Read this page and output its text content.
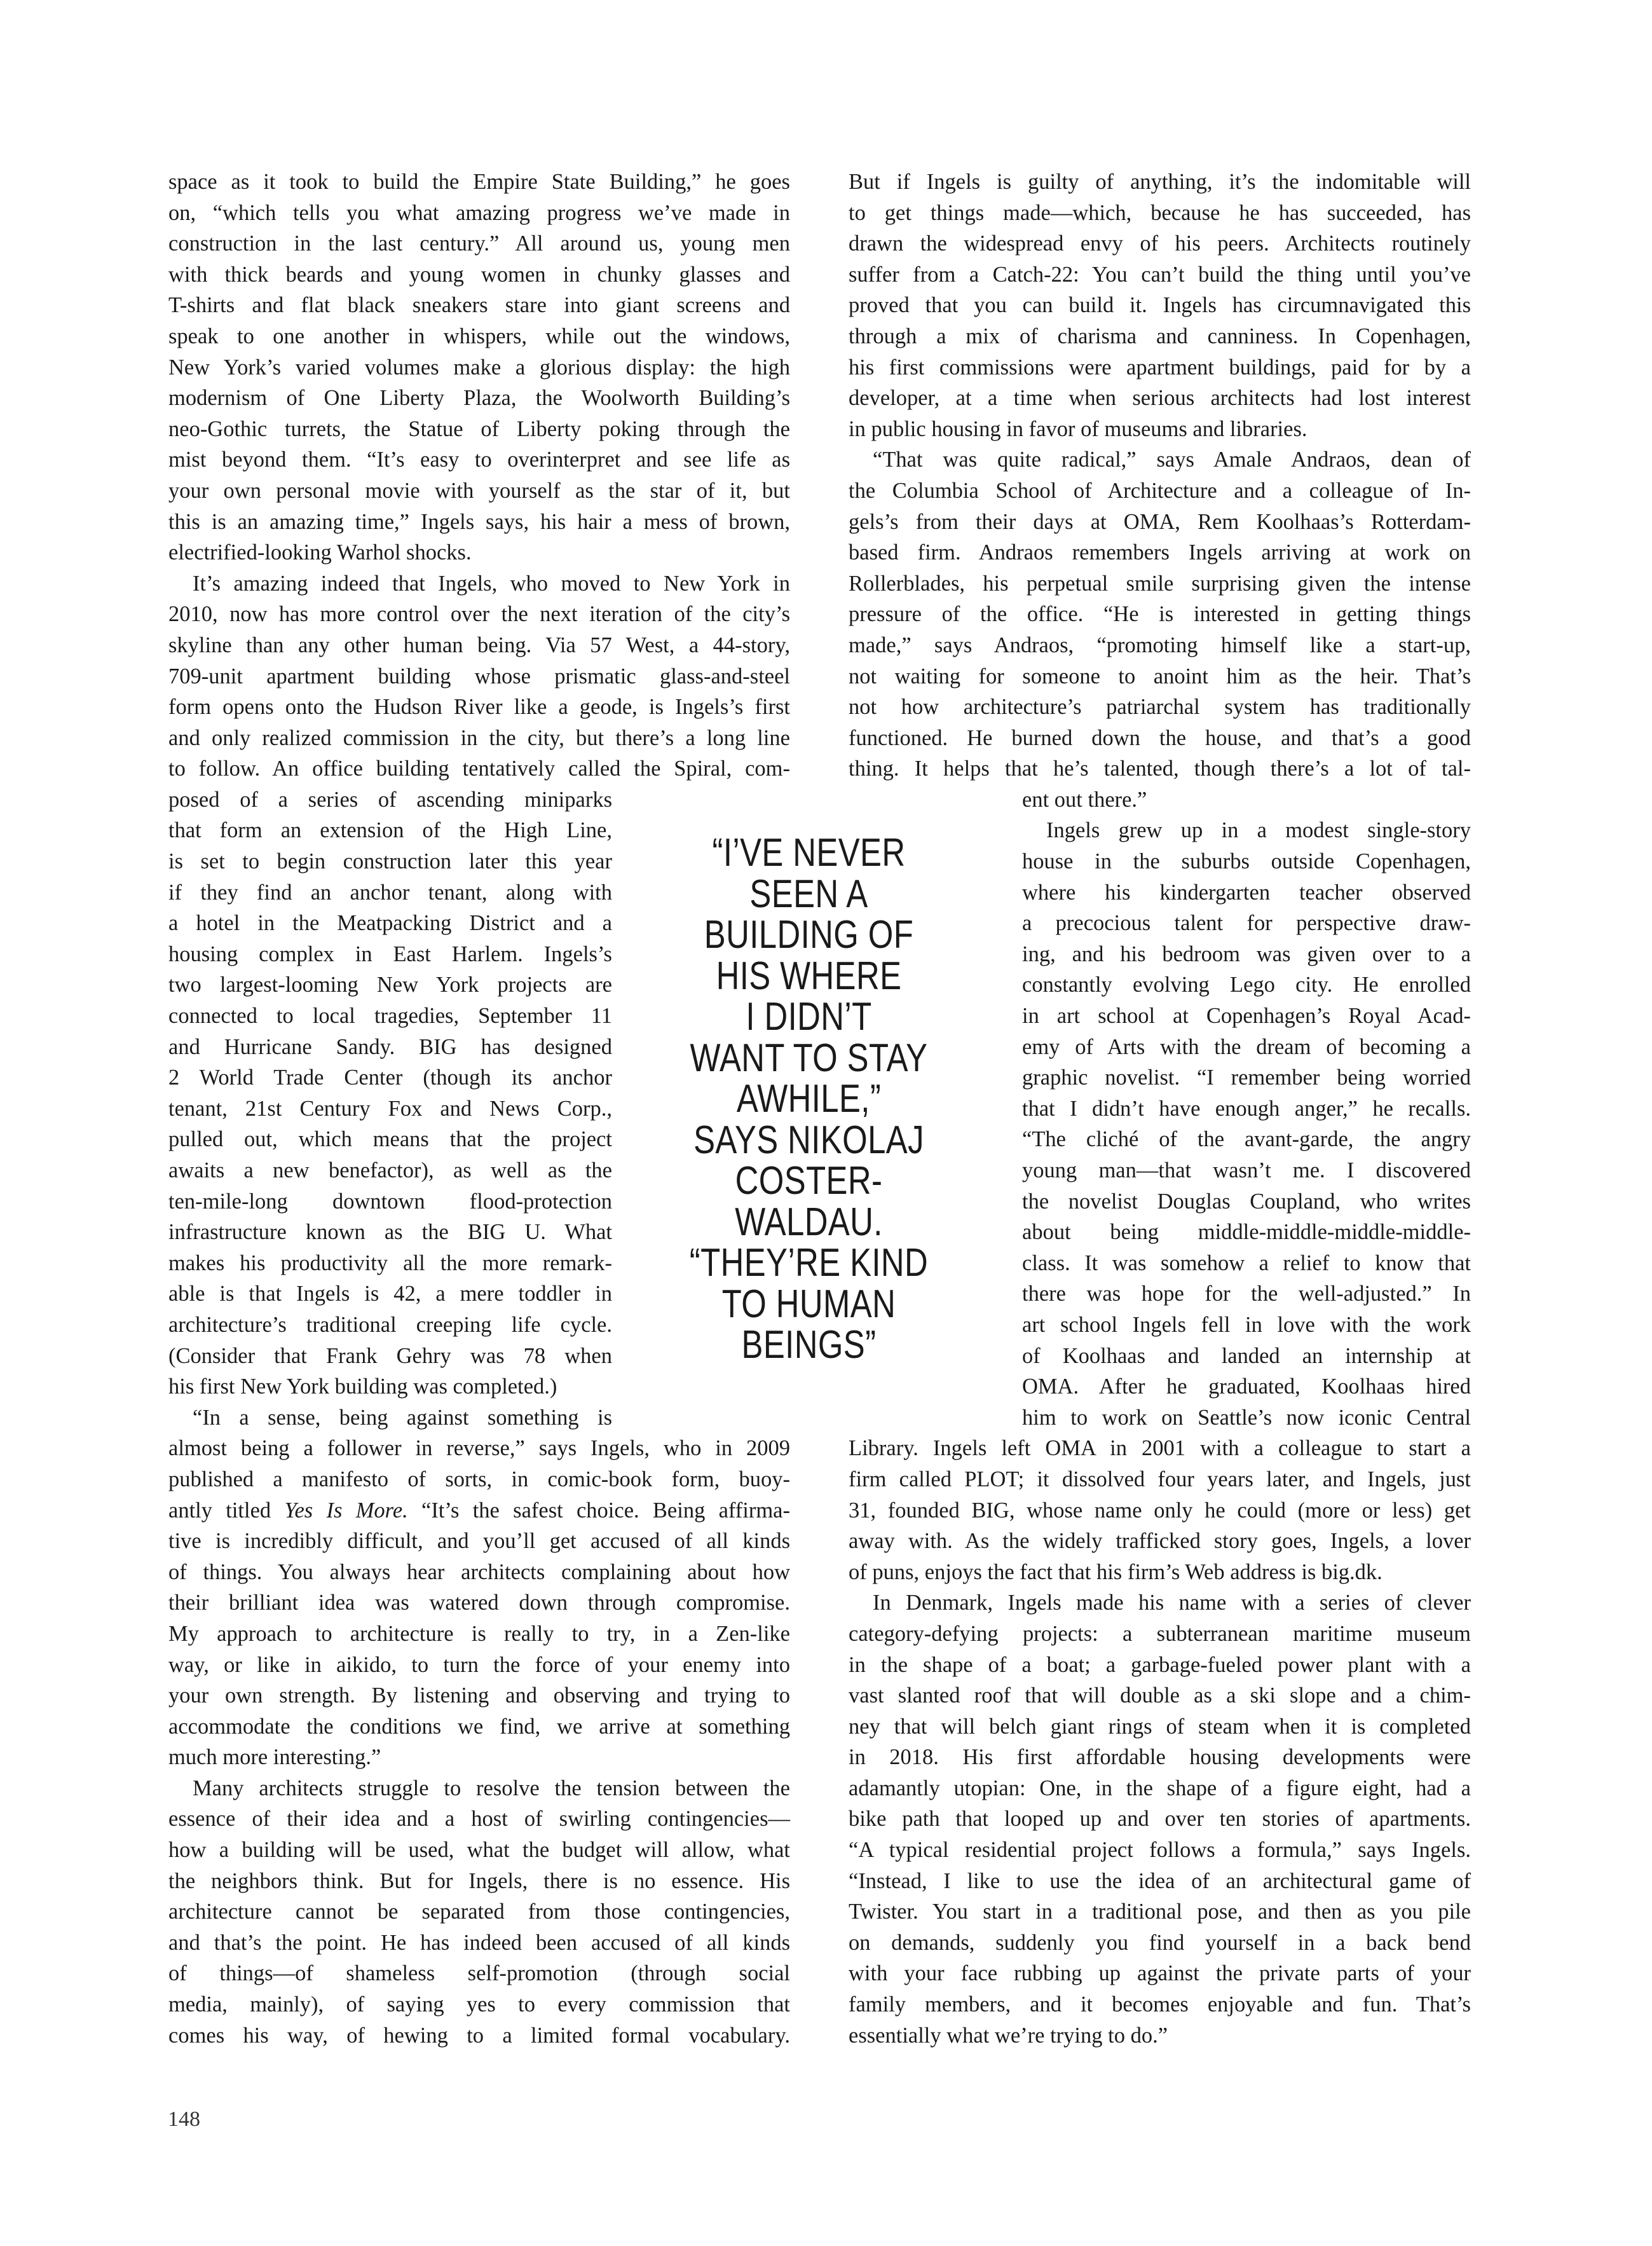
space as it took to build the Empire State Building,” he goes
on, “which tells you what amazing progress we’ve made in
construction in the last century.” All around us, young men
with thick beards and young women in chunky glasses and
T-shirts and flat black sneakers stare into giant screens and
speak to one another in whispers, while out the windows,
New York’s varied volumes make a glorious display: the high
modernism of One Liberty Plaza, the Woolworth Building’s
neo-Gothic turrets, the Statue of Liberty poking through the
mist beyond them. “It’s easy to overinterpret and see life as
your own personal movie with yourself as the star of it, but
this is an amazing time,” Ingels says, his hair a mess of brown,
electrified-looking Warhol shocks.
It’s amazing indeed that Ingels, who moved to New York in
2010, now has more control over the next iteration of the city’s
skyline than any other human being. Via 57 West, a 44-story,
709-unit apartment building whose prismatic glass-and-steel
form opens onto the Hudson River like a geode, is Ingels’s first
and only realized commission in the city, but there’s a long line
to follow. An office building tentatively called the Spiral, com-
posed of a series of ascending miniparks
that form an extension of the High Line,
is set to begin construction later this year
if they find an anchor tenant, along with
a hotel in the Meatpacking District and a
housing complex in East Harlem. Ingels’s
two largest-looming New York projects are
connected to local tragedies, September 11
and Hurricane Sandy. BIG has designed
2 World Trade Center (though its anchor
tenant, 21st Century Fox and News Corp.,
pulled out, which means that the project
awaits a new benefactor), as well as the
ten-mile-long downtown flood-protection
infrastructure known as the BIG U. What
makes his productivity all the more remark-
able is that Ingels is 42, a mere toddler in
architecture’s traditional creeping life cycle.
(Consider that Frank Gehry was 78 when
his first New York building was completed.)
“In a sense, being against something is
almost being a follower in reverse,” says Ingels, who in 2009
published a manifesto of sorts, in comic-book form, buoy-
antly titled Yes Is More. “It’s the safest choice. Being affirma-
tive is incredibly difficult, and you’ll get accused of all kinds
of things. You always hear architects complaining about how
their brilliant idea was watered down through compromise.
My approach to architecture is really to try, in a Zen-like
way, or like in aikido, to turn the force of your enemy into
your own strength. By listening and observing and trying to
accommodate the conditions we find, we arrive at something
much more interesting.”
Many architects struggle to resolve the tension between the
essence of their idea and a host of swirling contingencies—
how a building will be used, what the budget will allow, what
the neighbors think. But for Ingels, there is no essence. His
architecture cannot be separated from those contingencies,
and that’s the point. He has indeed been accused of all kinds
of things—of shameless self-promotion (through social
media, mainly), of saying yes to every commission that
comes his way, of hewing to a limited formal vocabulary.
But if Ingels is guilty of anything, it’s the indomitable will
to get things made—which, because he has succeeded, has
drawn the widespread envy of his peers. Architects routinely
suffer from a Catch-22: You can’t build the thing until you’ve
proved that you can build it. Ingels has circumnavigated this
through a mix of charisma and canniness. In Copenhagen,
his first commissions were apartment buildings, paid for by a
developer, at a time when serious architects had lost interest
in public housing in favor of museums and libraries.
“That was quite radical,” says Amale Andraos, dean of
the Columbia School of Architecture and a colleague of In-
gels’s from their days at OMA, Rem Koolhaas’s Rotterdam-
based firm. Andraos remembers Ingels arriving at work on
Rollerblades, his perpetual smile surprising given the intense
pressure of the office. “He is interested in getting things
made,” says Andraos, “promoting himself like a start-up,
not waiting for someone to anoint him as the heir. That’s
not how architecture’s patriarchal system has traditionally
functioned. He burned down the house, and that’s a good
thing. It helps that he’s talented, though there’s a lot of tal-
ent out there.”
Ingels grew up in a modest single-story
house in the suburbs outside Copenhagen,
where his kindergarten teacher observed
a precocious talent for perspective draw-
ing, and his bedroom was given over to a
constantly evolving Lego city. He enrolled
in art school at Copenhagen’s Royal Acad-
emy of Arts with the dream of becoming a
graphic novelist. “I remember being worried
that I didn’t have enough anger,” he recalls.
“The cliché of the avant-garde, the angry
young man—that wasn’t me. I discovered
the novelist Douglas Coupland, who writes
about being middle-middle-middle-middle-
class. It was somehow a relief to know that
there was hope for the well-adjusted.” In
art school Ingels fell in love with the work
of Koolhaas and landed an internship at
OMA. After he graduated, Koolhaas hired
him to work on Seattle’s now iconic Central
Library. Ingels left OMA in 2001 with a colleague to start a
firm called PLOT; it dissolved four years later, and Ingels, just
31, founded BIG, whose name only he could (more or less) get
away with. As the widely trafficked story goes, Ingels, a lover
of puns, enjoys the fact that his firm’s Web address is big.dk.
In Denmark, Ingels made his name with a series of clever
category-defying projects: a subterranean maritime museum
in the shape of a boat; a garbage-fueled power plant with a
vast slanted roof that will double as a ski slope and a chim-
ney that will belch giant rings of steam when it is completed
in 2018. His first affordable housing developments were
adamantly utopian: One, in the shape of a figure eight, had a
bike path that looped up and over ten stories of apartments.
“A typical residential project follows a formula,” says Ingels.
“Instead, I like to use the idea of an architectural game of
Twister. You start in a traditional pose, and then as you pile
on demands, suddenly you find yourself in a back bend
with your face rubbing up against the private parts of your
family members, and it becomes enjoyable and fun. That’s
essentially what we’re trying to do.”
“I’VE NEVER
SEEN A
BUILDING OF
HIS WHERE
I DIDN’T
WANT TO STAY
AWHILE,”
SAYS NIKOLAJ
COSTER-
WALDAU.
“THEY’RE KIND
TO HUMAN
BEINGS”
148
